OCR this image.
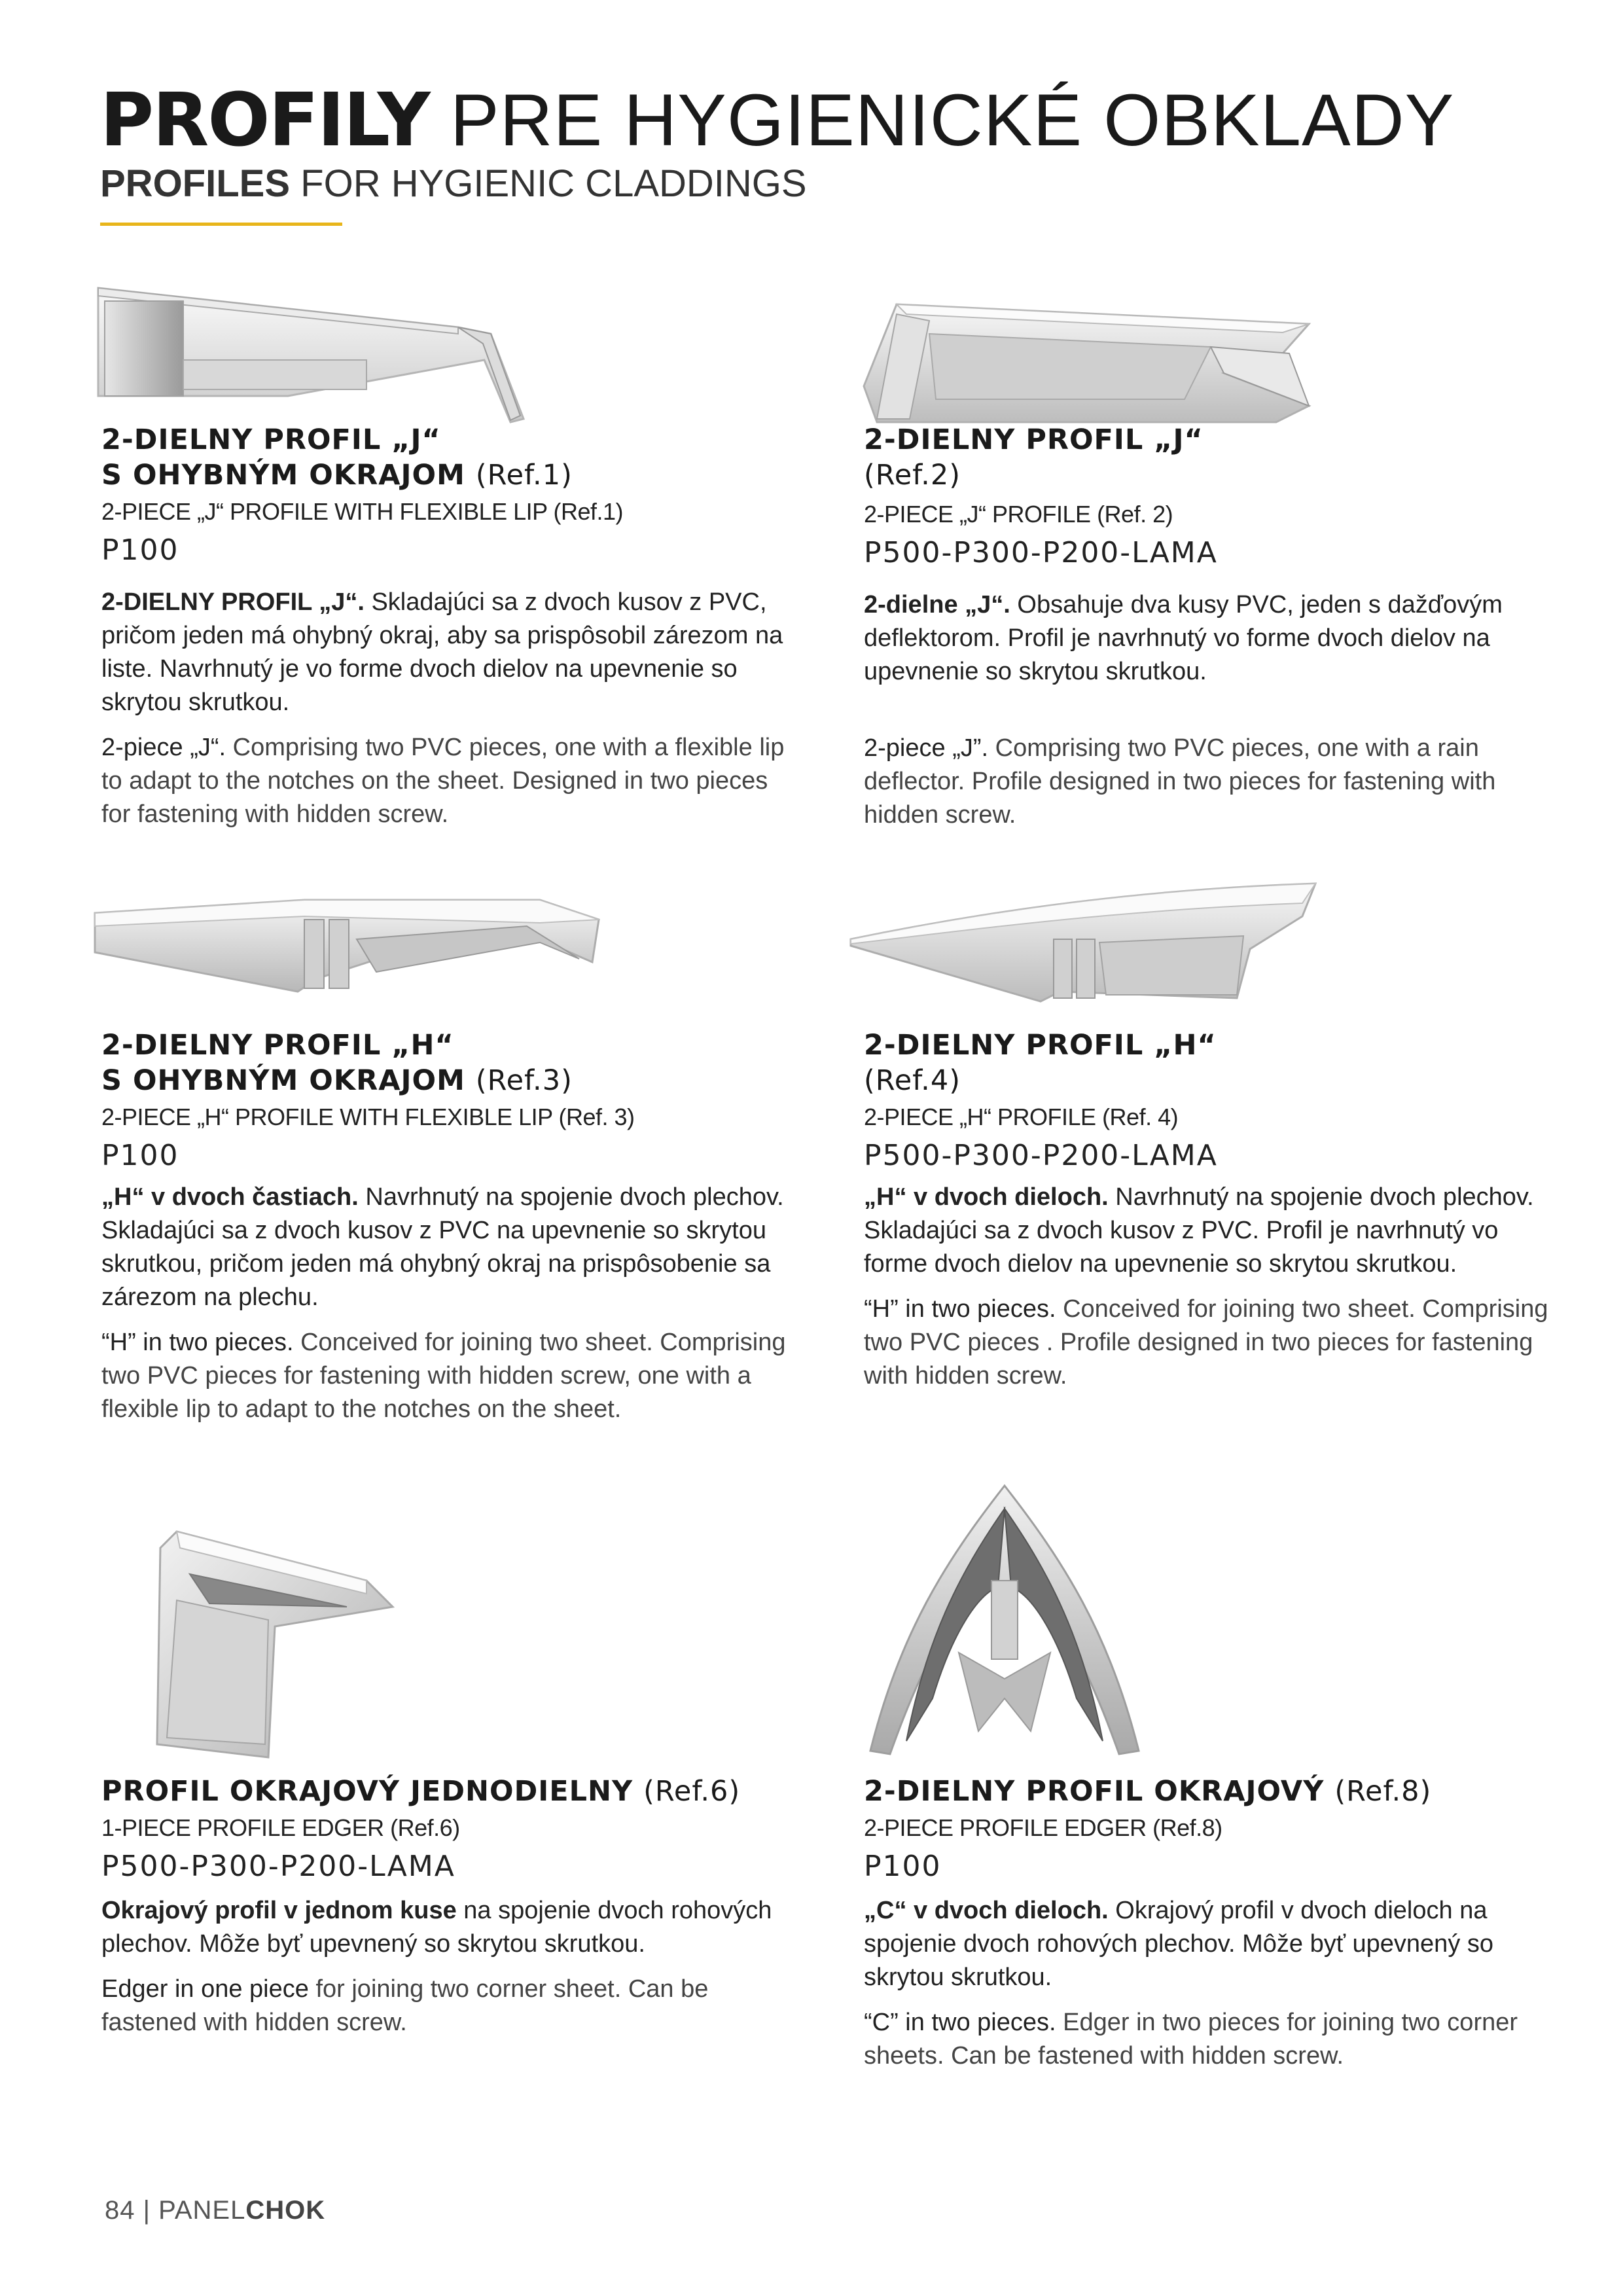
PROFILY PRE HYGIENICKÉ OBKLADY
PROFILES FOR HYGIENIC CLADDINGS
2-DIELNY PROFIL „J“
S OHYBNÝM OKRAJOM (Ref.1)
2-PIECE „J“ PROFILE WITH FLEXIBLE LIP (Ref.1)
P100
2-DIELNY PROFIL „J“. Skladajúci sa z dvoch kusov z PVC, pričom jeden má ohybný okraj, aby sa prispôsobil zárezom na liste. Navrhnutý je vo forme dvoch dielov na upevnenie so skrytou skrutkou.
2-piece „J“. Comprising two PVC pieces, one with a flexible lip to adapt to the notches on the sheet. Designed in two pieces for fastening with hidden screw.
2-DIELNY PROFIL „J“
(Ref.2)
2-PIECE „J“ PROFILE (Ref. 2)
P500-P300-P200-LAMA
2-dielne „J“. Obsahuje dva kusy PVC, jeden s dažďovým deflektorom. Profil je navrhnutý vo forme dvoch dielov na upevnenie so skrytou skrutkou.
2-piece „J”. Comprising two PVC pieces, one with a rain deflector. Profile designed in two pieces for fastening with hidden screw.
2-DIELNY PROFIL „H“
S OHYBNÝM OKRAJOM (Ref.3)
2-PIECE „H“ PROFILE WITH FLEXIBLE LIP (Ref. 3)
P100
„H“ v dvoch častiach. Navrhnutý na spojenie dvoch plechov. Skladajúci sa z dvoch kusov z PVC na upevnenie so skrytou skrutkou, pričom jeden má ohybný okraj na prispôsobenie sa zárezom na plechu.
“H” in two pieces. Conceived for joining two sheet. Comprising two PVC pieces for fastening with hidden screw, one with a flexible lip to adapt to the notches on the sheet.
2-DIELNY PROFIL „H“
(Ref.4)
2-PIECE „H“ PROFILE (Ref. 4)
P500-P300-P200-LAMA
„H“ v dvoch dieloch. Navrhnutý na spojenie dvoch plechov. Skladajúci sa z dvoch kusov z PVC. Profil je navrhnutý vo forme dvoch dielov na upevnenie so skrytou skrutkou.
“H” in two pieces. Conceived for joining two sheet. Comprising two PVC pieces . Profile designed in two pieces for fastening with hidden screw.
PROFIL OKRAJOVÝ JEDNODIELNY (Ref.6)
1-PIECE PROFILE EDGER (Ref.6)
P500-P300-P200-LAMA
Okrajový profil v jednom kuse na spojenie dvoch rohových plechov. Môže byť upevnený so skrytou skrutkou.
Edger in one piece for joining two corner sheet. Can be fastened with hidden screw.
2-DIELNY PROFIL OKRAJOVÝ (Ref.8)
2-PIECE PROFILE EDGER (Ref.8)
P100
„C“ v dvoch dieloch. Okrajový profil v dvoch dieloch na spojenie dvoch rohových plechov. Môže byť upevnený so skrytou skrutkou.
“C” in two pieces. Edger in two pieces for joining two corner sheets. Can be fastened with hidden screw.
84 | PANELCHOK
